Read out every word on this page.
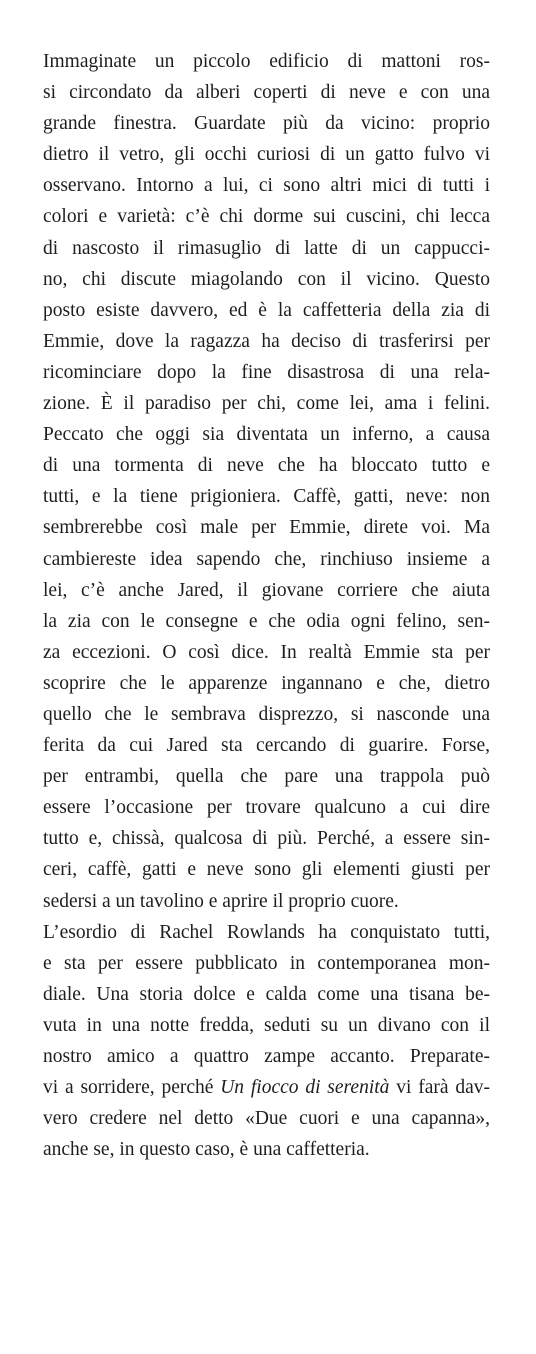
Immaginate un piccolo edificio di mattoni ros-
si circondato da alberi coperti di neve e con una
grande finestra. Guardate più da vicino: proprio
dietro il vetro, gli occhi curiosi di un gatto fulvo vi
osservano. Intorno a lui, ci sono altri mici di tutti i
colori e varietà: c’è chi dorme sui cuscini, chi lecca
di nascosto il rimasuglio di latte di un cappucci-
no, chi discute miagolando con il vicino. Questo
posto esiste davvero, ed è la caffetteria della zia di
Emmie, dove la ragazza ha deciso di trasferirsi per
ricominciare dopo la fine disastrosa di una rela-
zione. È il paradiso per chi, come lei, ama i felini.
Peccato che oggi sia diventata un inferno, a causa
di una tormenta di neve che ha bloccato tutto e
tutti, e la tiene prigioniera. Caffè, gatti, neve: non
sembrerebbe così male per Emmie, direte voi. Ma
cambiereste idea sapendo che, rinchiuso insieme a
lei, c’è anche Jared, il giovane corriere che aiuta
la zia con le consegne e che odia ogni felino, sen-
za eccezioni. O così dice. In realtà Emmie sta per
scoprire che le apparenze ingannano e che, dietro
quello che le sembrava disprezzo, si nasconde una
ferita da cui Jared sta cercando di guarire. Forse,
per entrambi, quella che pare una trappola può
essere l’occasione per trovare qualcuno a cui dire
tutto e, chissà, qualcosa di più. Perché, a essere sin-
ceri, caffè, gatti e neve sono gli elementi giusti per
sedersi a un tavolino e aprire il proprio cuore.
L’esordio di Rachel Rowlands ha conquistato tutti,
e sta per essere pubblicato in contemporanea mon-
diale. Una storia dolce e calda come una tisana be-
vuta in una notte fredda, seduti su un divano con il
nostro amico a quattro zampe accanto. Preparate-
vi a sorridere, perché Un fiocco di serenità vi farà dav-
vero credere nel detto «Due cuori e una capanna»,
anche se, in questo caso, è una caffetteria.
